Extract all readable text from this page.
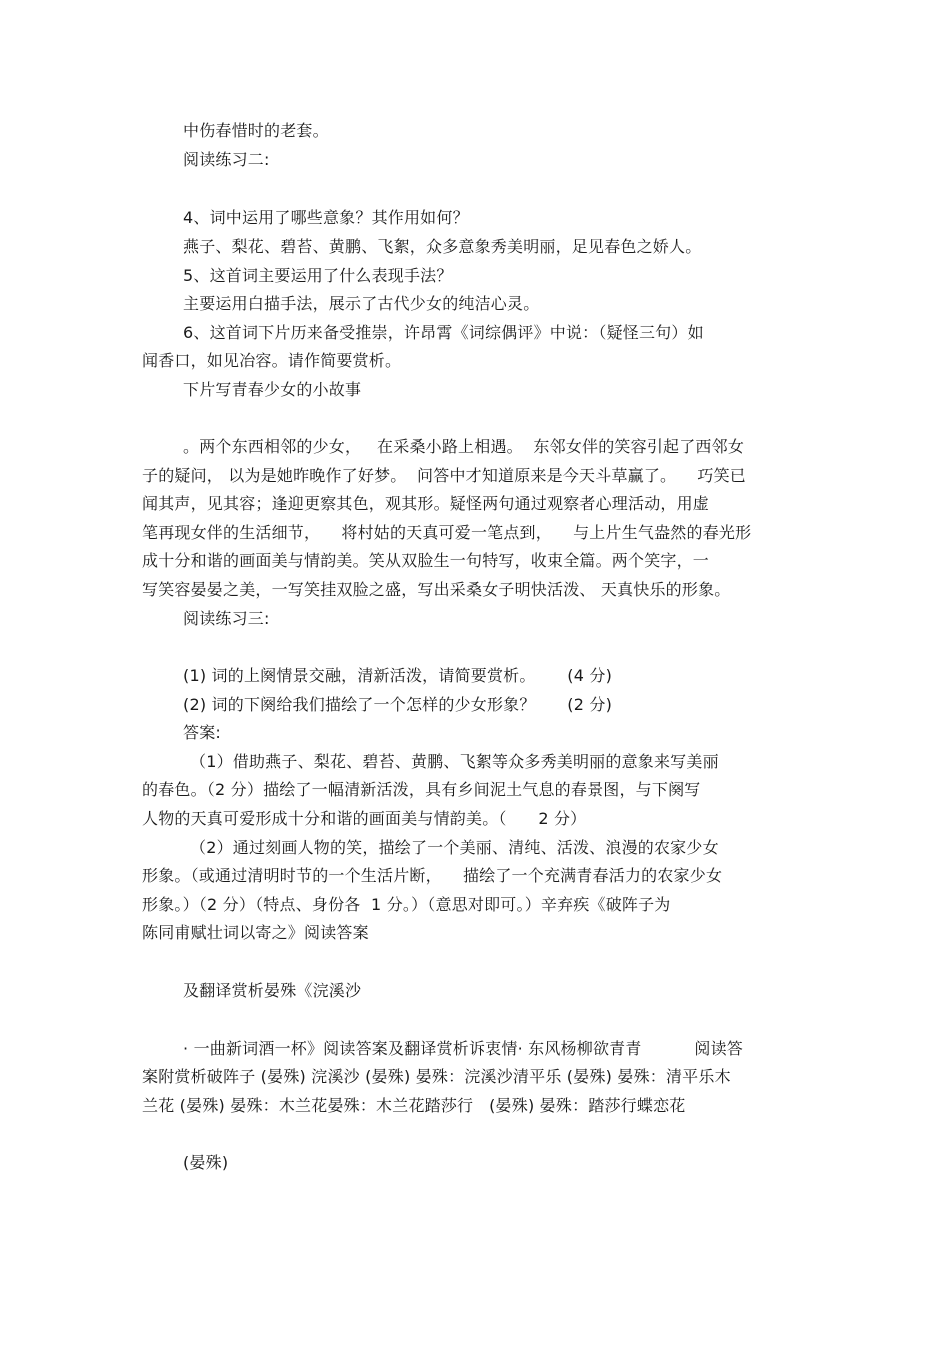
中伤春惜时的老套。
阅读练习二:
4、词中运用了哪些意象？其作用如何？
燕子、梨花、碧苔、黄鹏、飞絮，众多意象秀美明丽，足见春色之娇人。
5、这首词主要运用了什么表现手法？
主要运用白描手法，展示了古代少女的纯洁心灵。
6、这首词下片历来备受推崇，许昂霄《词综偶评》中说：（疑怪三句）如
闻香口，如见冶容。请作简要赏析。
下片写青春少女的小故事
。两个东西相邻的少女，   在采桑小路上相遇。  东邻女伴的笑容引起了西邻女
子的疑问， 以为是她昨晚作了好梦。  问答中才知道原来是今天斗草赢了。    巧笑已
闻其声，见其容；逢迎更察其色，观其形。疑怪两句通过观察者心理活动，用虚
笔再现女伴的生活细节，    将村姑的天真可爱一笔点到，    与上片生气盎然的春光形
成十分和谐的画面美与情韵美。笑从双脸生一句特写，收束全篇。两个笑字，一
写笑容晏晏之美，一写笑挂双脸之盛，写出采桑女子明快活泼、 天真快乐的形象。
阅读练习三:
(1) 词的上阕情景交融，清新活泼，请简要赏析。      (4 分)
(2) 词的下阕给我们描绘了一个怎样的少女形象？      (2 分)
答案:
（1）借助燕子、梨花、碧苔、黄鹏、飞絮等众多秀美明丽的意象来写美丽
的春色。（2 分）描绘了一幅清新活泼，具有乡间泥土气息的春景图，与下阕写
人物的天真可爱形成十分和谐的画面美与情韵美。（      2 分）
（2）通过刻画人物的笑，描绘了一个美丽、清纯、活泼、浪漫的农家少女
形象。（或通过清明时节的一个生活片断，    描绘了一个充满青春活力的农家少女
形象。）（2 分）（特点、身份各  1 分。）（意思对即可。）辛弃疾《破阵子为
陈同甫赋壮词以寄之》阅读答案
及翻译赏析晏殊《浣溪沙
· 一曲新词酒一杯》阅读答案及翻译赏析诉衷情· 东风杨柳欲青青          阅读答
案附赏析破阵子 (晏殊) 浣溪沙 (晏殊) 晏殊：浣溪沙清平乐 (晏殊) 晏殊：清平乐木
兰花 (晏殊) 晏殊：木兰花晏殊：木兰花踏莎行   (晏殊) 晏殊：踏莎行蝶恋花
(晏殊)
